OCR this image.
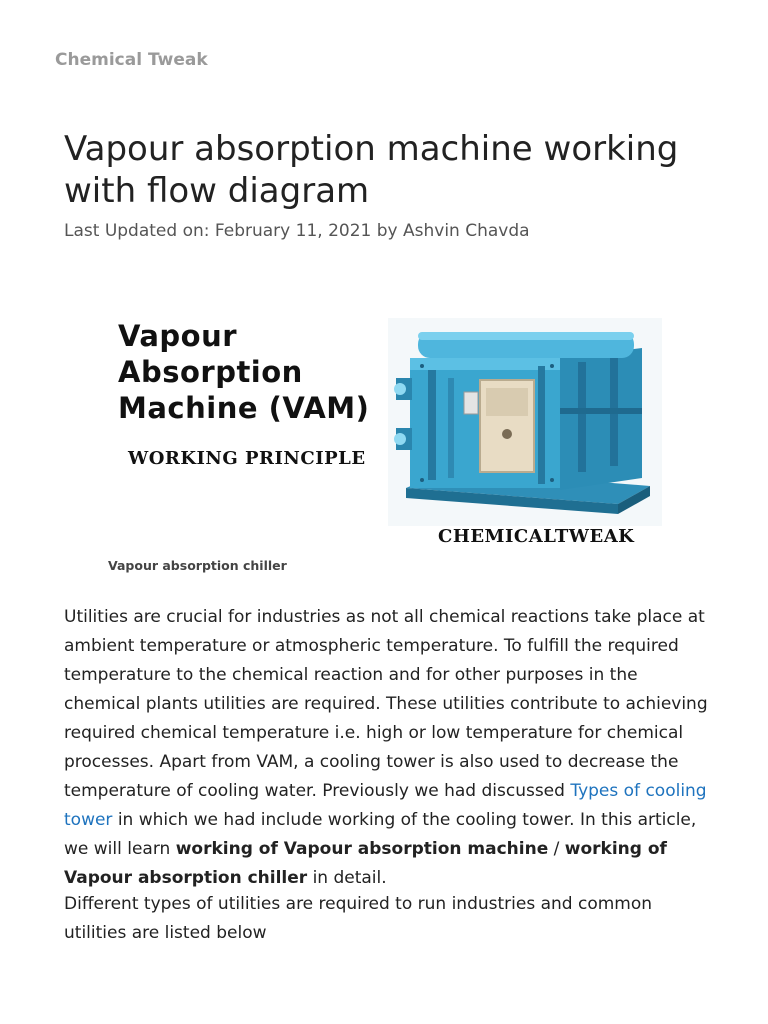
Chemical Tweak
Vapour absorption machine working with flow diagram
Last Updated on: February 11, 2021 by Ashvin Chavda
Vapour
Absorption
Machine (VAM)
WORKING PRINCIPLE
CHEMICALTWEAK
Vapour absorption chiller

Utilities are crucial for industries as not all chemical reactions take place at ambient temperature or atmospheric temperature. To fulfill the required temperature to the chemical reaction and for other purposes in the chemical plants utilities are required. These utilities contribute to achieving required chemical temperature i.e. high or low temperature for chemical processes. Apart from VAM, a cooling tower is also used to decrease the temperature of cooling water. Previously we had discussed Types of cooling tower in which we had include working of the cooling tower. In this article, we will learn working of Vapour absorption machine / working of Vapour absorption chiller in detail.

Different types of utilities are required to run industries and common utilities are listed below
